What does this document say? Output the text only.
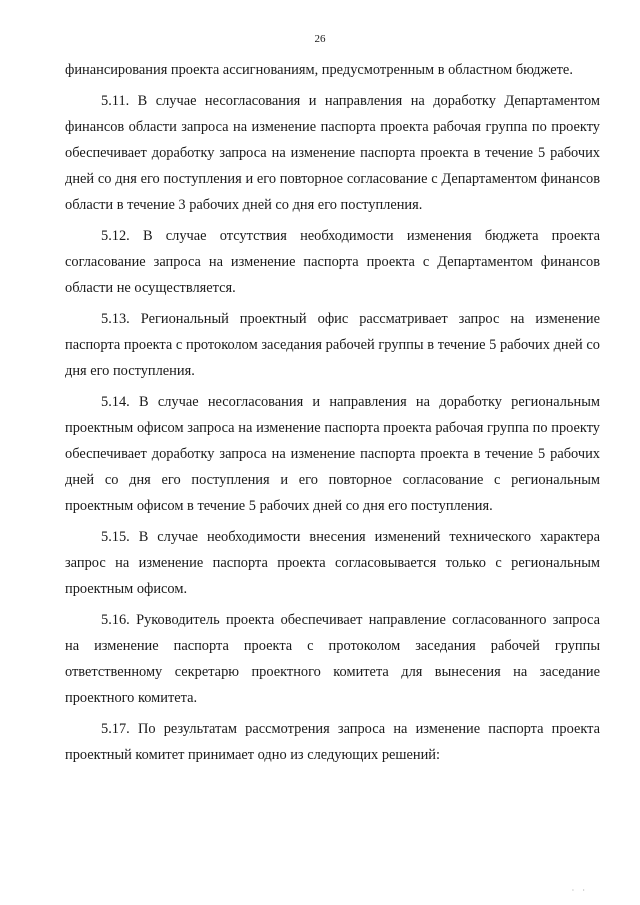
26

финансирования проекта ассигнованиям, предусмотренным в областном бюджете.

5.11. В случае несогласования и направления на доработку Департаментом финансов области запроса на изменение паспорта проекта рабочая группа по проекту обеспечивает доработку запроса на изменение паспорта проекта в течение 5 рабочих дней со дня его поступления и его повторное согласование с Департаментом финансов области в течение 3 рабочих дней со дня его поступления.

5.12. В случае отсутствия необходимости изменения бюджета проекта согласование запроса на изменение паспорта проекта с Департаментом финансов области не осуществляется.

5.13. Региональный проектный офис рассматривает запрос на изменение паспорта проекта с протоколом заседания рабочей группы в течение 5 рабочих дней со дня его поступления.

5.14. В случае несогласования и направления на доработку региональным проектным офисом запроса на изменение паспорта проекта рабочая группа по проекту обеспечивает доработку запроса на изменение паспорта проекта в течение 5 рабочих дней со дня его поступления и его повторное согласование с региональным проектным офисом в течение 5 рабочих дней со дня его поступления.

5.15. В случае необходимости внесения изменений технического характера запрос на изменение паспорта проекта согласовывается только с региональным проектным офисом.

5.16. Руководитель проекта обеспечивает направление согласованного запроса на изменение паспорта проекта с протоколом заседания рабочей группы ответственному секретарю проектного комитета для вынесения на заседание проектного комитета.

5.17. По результатам рассмотрения запроса на изменение паспорта проекта проектный комитет принимает одно из следующих решений:

· ·
